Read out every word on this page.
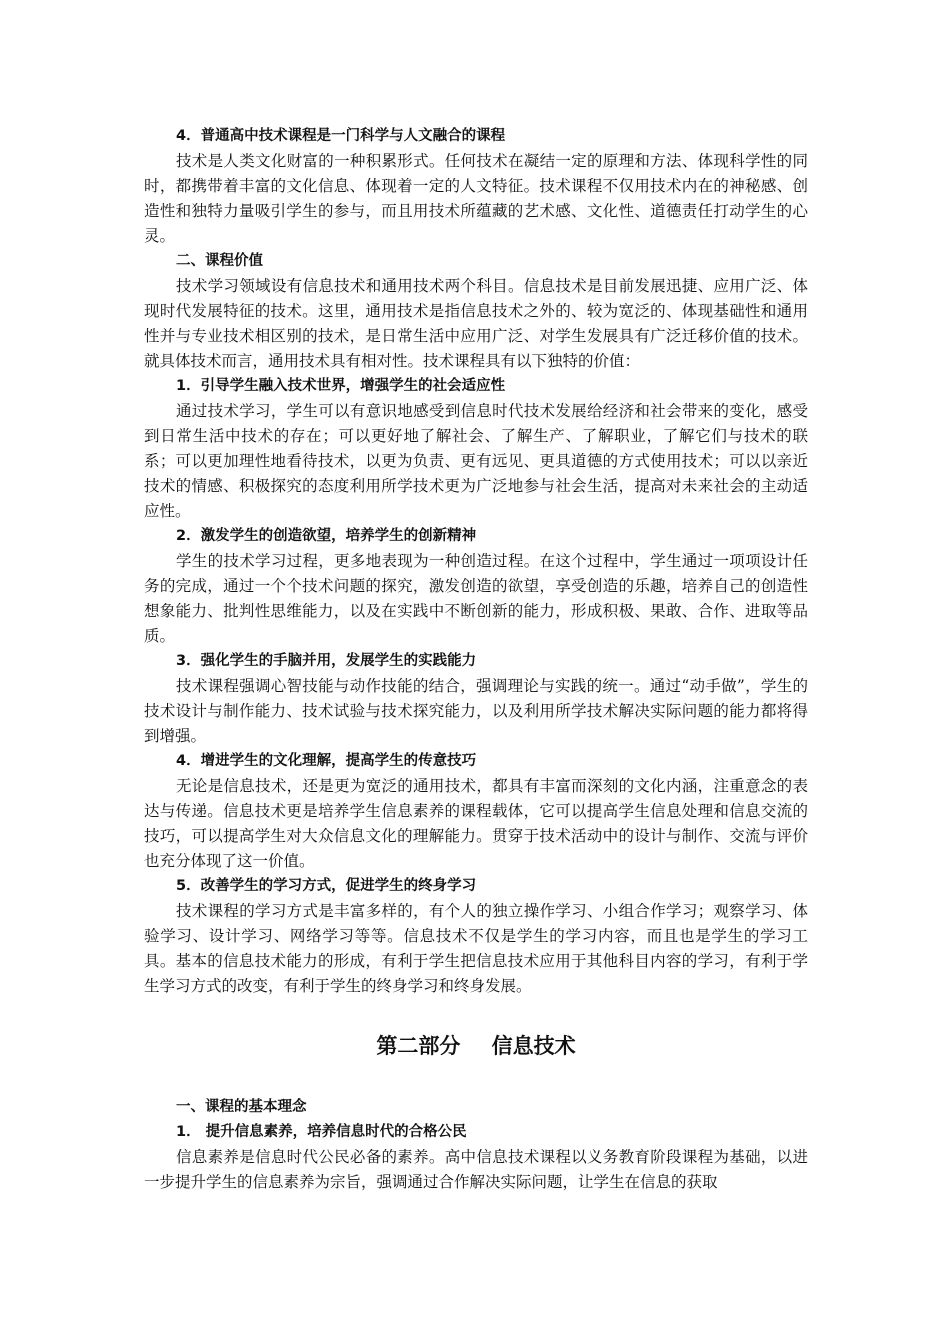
4．普通高中技术课程是一门科学与人文融合的课程
技术是人类文化财富的一种积累形式。任何技术在凝结一定的原理和方法、体现科学性的同时，都携带着丰富的文化信息、体现着一定的人文特征。技术课程不仅用技术内在的神秘感、创造性和独特力量吸引学生的参与，而且用技术所蕴藏的艺术感、文化性、道德责任打动学生的心灵。
二、课程价值
技术学习领域设有信息技术和通用技术两个科目。信息技术是目前发展迅捷、应用广泛、体现时代发展特征的技术。这里，通用技术是指信息技术之外的、较为宽泛的、体现基础性和通用性并与专业技术相区别的技术，是日常生活中应用广泛、对学生发展具有广泛迁移价值的技术。就具体技术而言，通用技术具有相对性。技术课程具有以下独特的价值：
1．引导学生融入技术世界，增强学生的社会适应性
通过技术学习，学生可以有意识地感受到信息时代技术发展给经济和社会带来的变化，感受到日常生活中技术的存在；可以更好地了解社会、了解生产、了解职业，了解它们与技术的联系；可以更加理性地看待技术，以更为负责、更有远见、更具道德的方式使用技术；可以以亲近技术的情感、积极探究的态度利用所学技术更为广泛地参与社会生活，提高对未来社会的主动适应性。
2．激发学生的创造欲望，培养学生的创新精神
学生的技术学习过程，更多地表现为一种创造过程。在这个过程中，学生通过一项项设计任务的完成，通过一个个技术问题的探究，激发创造的欲望，享受创造的乐趣，培养自己的创造性想象能力、批判性思维能力，以及在实践中不断创新的能力，形成积极、果敢、合作、进取等品质。
3．强化学生的手脑并用，发展学生的实践能力
技术课程强调心智技能与动作技能的结合，强调理论与实践的统一。通过“动手做”，学生的技术设计与制作能力、技术试验与技术探究能力，以及利用所学技术解决实际问题的能力都将得到增强。
4．增进学生的文化理解，提高学生的传意技巧
无论是信息技术，还是更为宽泛的通用技术，都具有丰富而深刻的文化内涵，注重意念的表达与传递。信息技术更是培养学生信息素养的课程载体，它可以提高学生信息处理和信息交流的技巧，可以提高学生对大众信息文化的理解能力。贯穿于技术活动中的设计与制作、交流与评价也充分体现了这一价值。
5．改善学生的学习方式，促进学生的终身学习
技术课程的学习方式是丰富多样的，有个人的独立操作学习、小组合作学习；观察学习、体验学习、设计学习、网络学习等等。信息技术不仅是学生的学习内容，而且也是学生的学习工具。基本的信息技术能力的形成，有利于学生把信息技术应用于其他科目内容的学习，有利于学生学习方式的改变，有利于学生的终身学习和终身发展。
第二部分 信息技术
一、课程的基本理念
1． 提升信息素养，培养信息时代的合格公民
信息素养是信息时代公民必备的素养。高中信息技术课程以义务教育阶段课程为基础，以进一步提升学生的信息素养为宗旨，强调通过合作解决实际问题，让学生在信息的获取
